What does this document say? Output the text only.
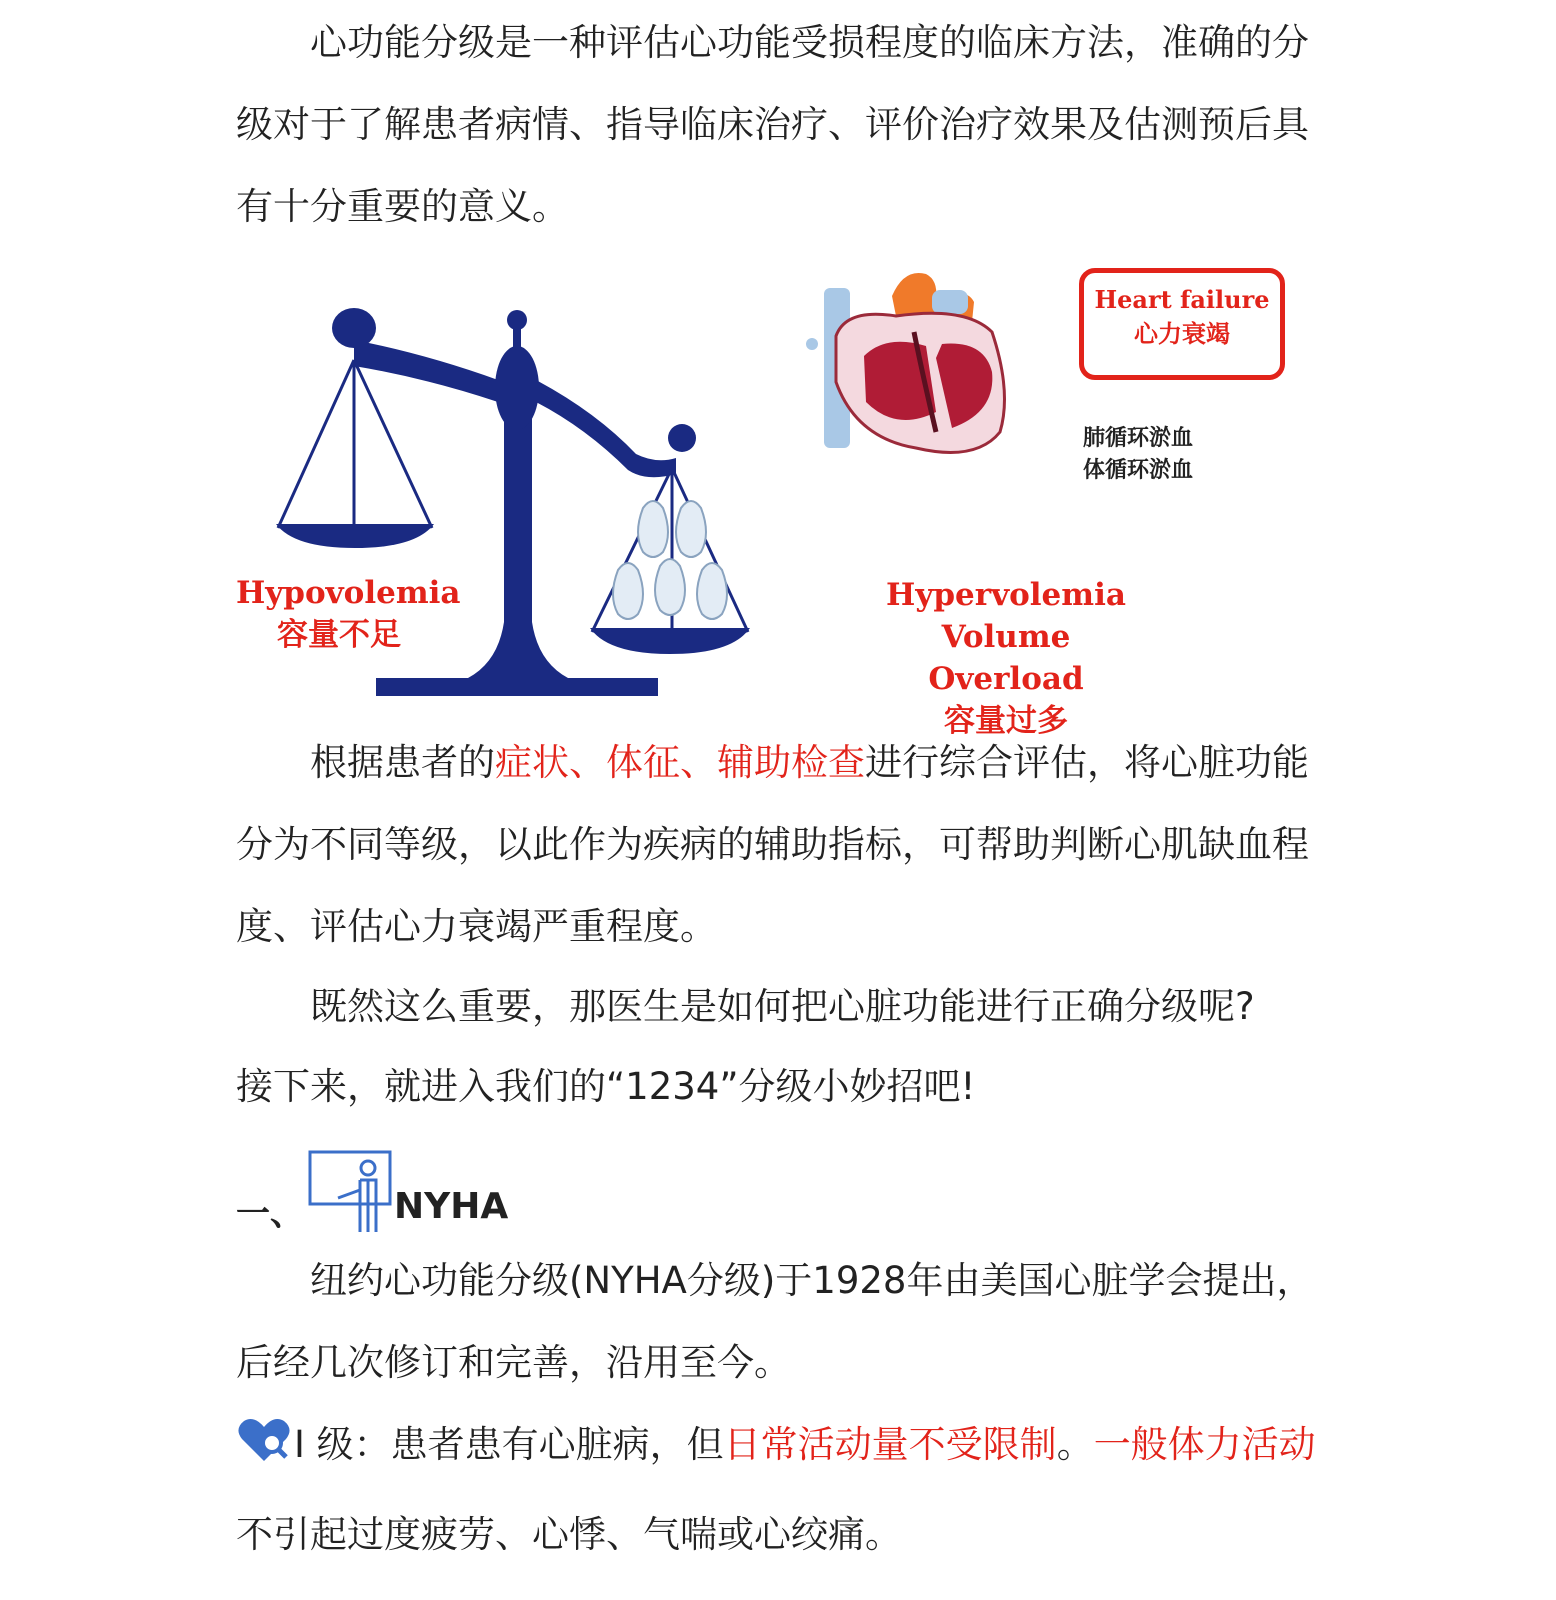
心功能分级是一种评估心功能受损程度的临床方法，准确的分级对于了解患者病情、指导临床治疗、评价治疗效果及估测预后具有十分重要的意义。

Heart failure
心力衰竭
肺循环淤血
体循环淤血
Hypovolemia
容量不足
Hypervolemia Volume
Overload
容量过多

根据患者的症状、体征、辅助检查进行综合评估，将心脏功能分为不同等级，以此作为疾病的辅助指标，可帮助判断心肌缺血程度、评估心力衰竭严重程度。

既然这么重要，那医生是如何把心脏功能进行正确分级呢?

接下来，就进入我们的“1234”分级小妙招吧!

一、	NYHA

纽约心功能分级(NYHA分级)于1928年由美国心脏学会提出，后经几次修订和完善，沿用至今。

I 级：患者患有心脏病，但日常活动量不受限制。一般体力活动不引起过度疲劳、心悸、气喘或心绞痛。
